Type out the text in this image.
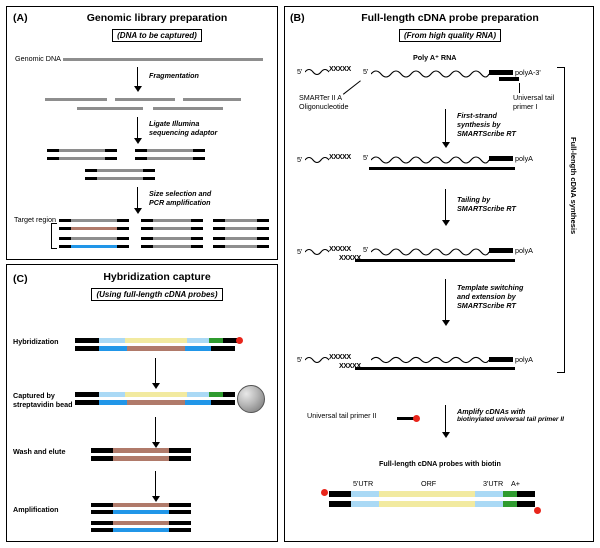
(A)	Genomic library preparation
(DNA to be captured)
Genomic DNA
Fragmentation
Ligate Illumina
sequencing adaptor
Size selection and
PCR amplification
Target region
(C)	Hybridization capture
(Using full-length cDNA probes)
Hybridization
Captured by
streptavidin bead
Wash and elute
Amplification
(B)	Full-length cDNA probe preparation
(From high quality RNA)
Poly A⁺ RNA
5'	polyA-3'
5'	XXXXX
SMARTer II A
Oligonucleotide
Universal tail
primer I
First-strand
synthesis by
SMARTScribe RT
5'	XXXXX 5'	polyA
Tailing by
SMARTScribe RT
5'	XXXXX 5'	polyA
XXXXX
Template switching
and extension by
SMARTScribe RT
5'	XXXXX	polyA
XXXXX
Full-length cDNA synthesis
Universal tail primer II	Amplify cDNAs with
biotinylated universal tail primer II
Full-length cDNA probes with biotin
5'UTR	ORF	3'UTR A+
